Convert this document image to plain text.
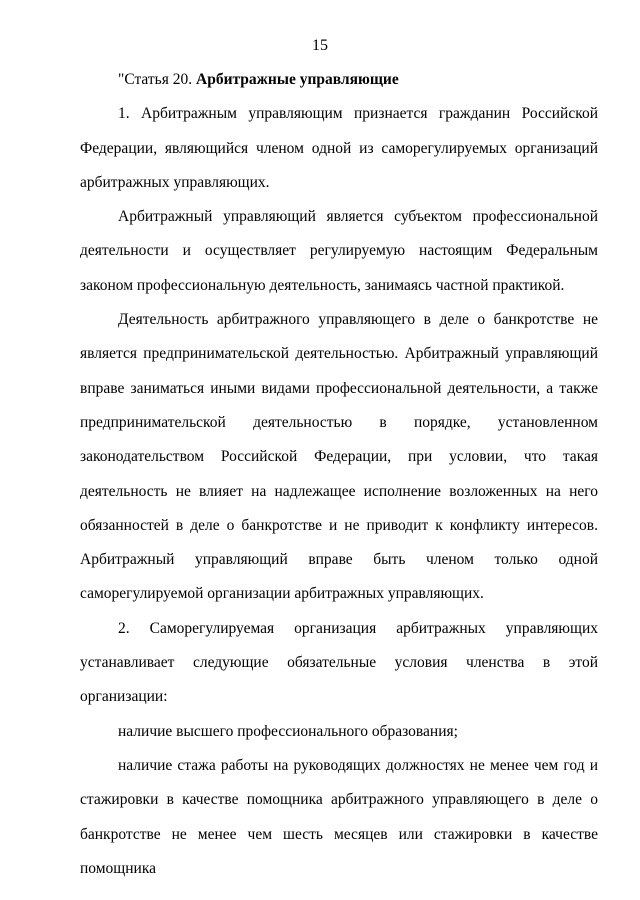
15

"Статья 20. Арбитражные управляющие

1. Арбитражным управляющим признается гражданин Российской Федерации, являющийся членом одной из саморегулируемых организаций арбитражных управляющих.

Арбитражный управляющий является субъектом профессиональной деятельности и осуществляет регулируемую настоящим Федеральным законом профессиональную деятельность, занимаясь частной практикой.

Деятельность арбитражного управляющего в деле о банкротстве не является предпринимательской деятельностью. Арбитражный управляющий вправе заниматься иными видами профессиональной деятельности, а также предпринимательской деятельностью в порядке, установленном законодательством Российской Федерации, при условии, что такая деятельность не влияет на надлежащее исполнение возложенных на него обязанностей в деле о банкротстве и не приводит к конфликту интересов. Арбитражный управляющий вправе быть членом только одной саморегулируемой организации арбитражных управляющих.

2. Саморегулируемая организация арбитражных управляющих устанавливает следующие обязательные условия членства в этой организации:

наличие высшего профессионального образования;

наличие стажа работы на руководящих должностях не менее чем год и стажировки в качестве помощника арбитражного управляющего в деле о банкротстве не менее чем шесть месяцев или стажировки в качестве помощника
